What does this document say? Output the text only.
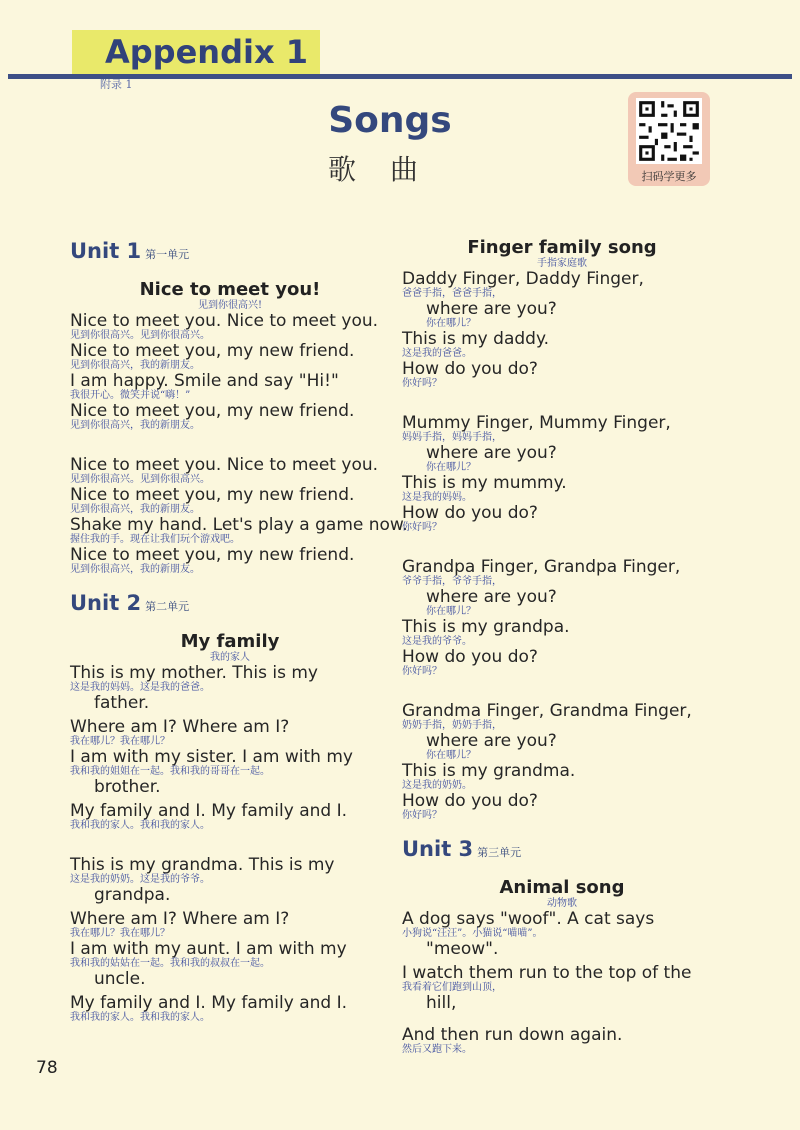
Appendix 1
附录 1
Songs
歌曲	扫码学更多
Unit 1 第一单元
Nice to meet you!
见到你很高兴!
Nice to meet you. Nice to meet you.
见到你很高兴。见到你很高兴。
Nice to meet you, my new friend.
见到你很高兴，我的新朋友。
I am happy. Smile and say "Hi!"
我很开心。微笑并说“嗨！”
Nice to meet you, my new friend.
见到你很高兴，我的新朋友。
Nice to meet you. Nice to meet you.
见到你很高兴。见到你很高兴。
Nice to meet you, my new friend.
见到你很高兴，我的新朋友。
Shake my hand. Let's play a game now.
握住我的手。现在让我们玩个游戏吧。
Nice to meet you, my new friend.
见到你很高兴，我的新朋友。
Unit 2 第二单元
My family
我的家人
This is my mother. This is my
这是我的妈妈。这是我的爸爸。
father.
Where am I? Where am I?
我在哪儿？我在哪儿？
I am with my sister. I am with my
我和我的姐姐在一起。我和我的哥哥在一起。
brother.
My family and I. My family and I.
我和我的家人。我和我的家人。
This is my grandma. This is my
这是我的奶奶。这是我的爷爷。
grandpa.
Where am I? Where am I?
我在哪儿？我在哪儿？
I am with my aunt. I am with my
我和我的姑姑在一起。我和我的叔叔在一起。
uncle.
My family and I. My family and I.
我和我的家人。我和我的家人。
Finger family song
手指家庭歌
Daddy Finger, Daddy Finger,
爸爸手指，爸爸手指，
where are you?
你在哪儿？
This is my daddy.
这是我的爸爸。
How do you do?
你好吗？
Mummy Finger, Mummy Finger,
妈妈手指，妈妈手指，
where are you?
你在哪儿？
This is my mummy.
这是我的妈妈。
How do you do?
你好吗？
Grandpa Finger, Grandpa Finger,
爷爷手指，爷爷手指，
where are you?
你在哪儿？
This is my grandpa.
这是我的爷爷。
How do you do?
你好吗？
Grandma Finger, Grandma Finger,
奶奶手指，奶奶手指，
where are you?
你在哪儿？
This is my grandma.
这是我的奶奶。
How do you do?
你好吗？
Unit 3 第三单元
Animal song
动物歌
A dog says "woof". A cat says
小狗说“汪汪”。小猫说“喵喵”。
"meow".
I watch them run to the top of the
我看着它们跑到山顶，
hill,
And then run down again.
然后又跑下来。
78
